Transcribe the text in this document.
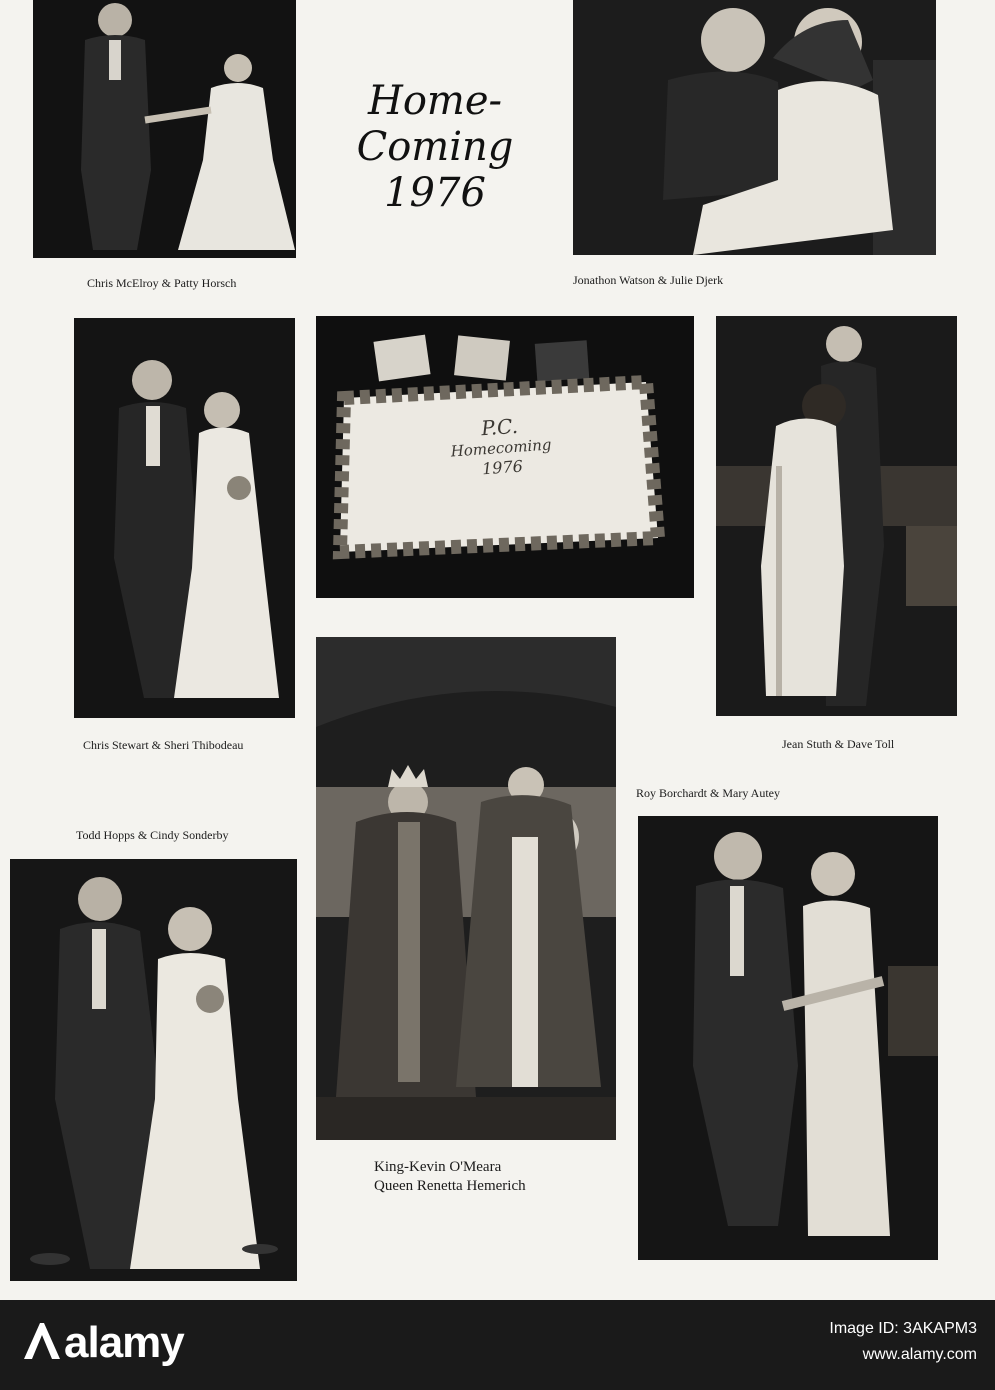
Chris McElroy & Patty Horsch
Home-
Coming
1976
Jonathon Watson & Julie Djerk
Chris Stewart & Sheri Thibodeau
P.C.
Homecoming
1976
Jean Stuth & Dave Toll
King-Kevin O'Meara
Queen Renetta Hemerich
Roy Borchardt & Mary Autey
Todd Hopps & Cindy Sonderby
alamy	Image ID: 3AKAPM3
www.alamy.com
